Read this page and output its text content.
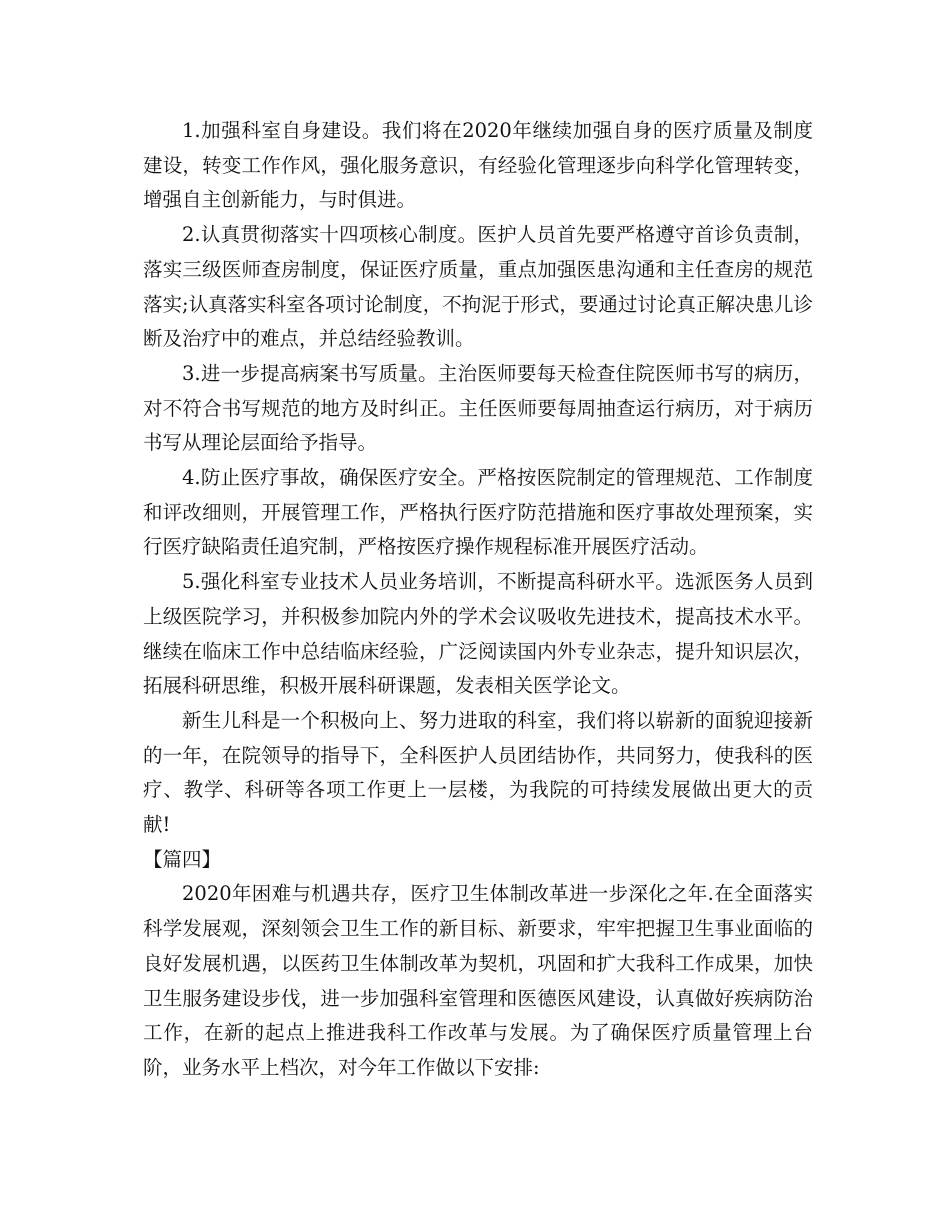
1.加强科室自身建设。我们将在2020年继续加强自身的医疗质量及制度建设，转变工作作风，强化服务意识，有经验化管理逐步向科学化管理转变，增强自主创新能力，与时俱进。

2.认真贯彻落实十四项核心制度。医护人员首先要严格遵守首诊负责制，落实三级医师查房制度，保证医疗质量，重点加强医患沟通和主任查房的规范落实;认真落实科室各项讨论制度，不拘泥于形式，要通过讨论真正解决患儿诊断及治疗中的难点，并总结经验教训。

3.进一步提高病案书写质量。主治医师要每天检查住院医师书写的病历，对不符合书写规范的地方及时纠正。主任医师要每周抽查运行病历，对于病历书写从理论层面给予指导。

4.防止医疗事故，确保医疗安全。严格按医院制定的管理规范、工作制度和评改细则，开展管理工作，严格执行医疗防范措施和医疗事故处理预案，实行医疗缺陷责任追究制，严格按医疗操作规程标准开展医疗活动。

5.强化科室专业技术人员业务培训，不断提高科研水平。选派医务人员到上级医院学习，并积极参加院内外的学术会议吸收先进技术，提高技术水平。继续在临床工作中总结临床经验，广泛阅读国内外专业杂志，提升知识层次，拓展科研思维，积极开展科研课题，发表相关医学论文。

新生儿科是一个积极向上、努力进取的科室，我们将以崭新的面貌迎接新的一年，在院领导的指导下，全科医护人员团结协作，共同努力，使我科的医疗、教学、科研等各项工作更上一层楼，为我院的可持续发展做出更大的贡献!

【篇四】

2020年困难与机遇共存，医疗卫生体制改革进一步深化之年.在全面落实科学发展观，深刻领会卫生工作的新目标、新要求，牢牢把握卫生事业面临的良好发展机遇，以医药卫生体制改革为契机，巩固和扩大我科工作成果，加快卫生服务建设步伐，进一步加强科室管理和医德医风建设，认真做好疾病防治工作，在新的起点上推进我科工作改革与发展。为了确保医疗质量管理上台阶，业务水平上档次，对今年工作做以下安排:
